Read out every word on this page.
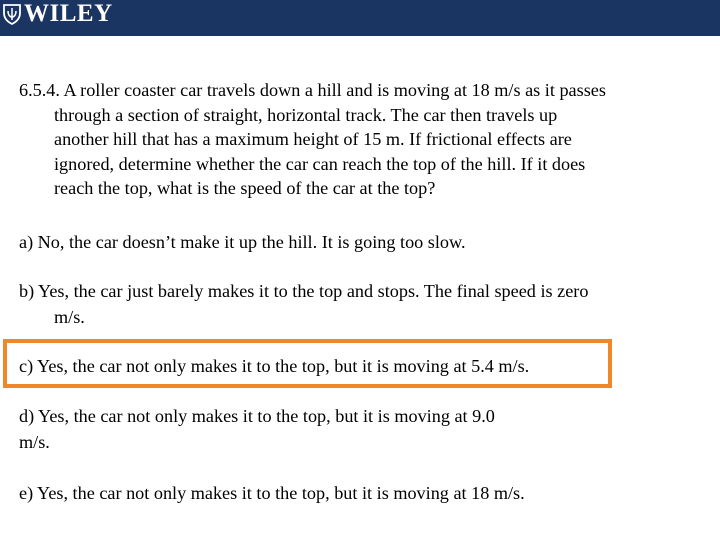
WILEY
6.5.4. A roller coaster car travels down a hill and is moving at 18 m/s as it passes
through a section of straight, horizontal track. The car then travels up
another hill that has a maximum height of 15 m. If frictional effects are
ignored, determine whether the car can reach the top of the hill. If it does
reach the top, what is the speed of the car at the top?
a) No, the car doesn’t make it up the hill. It is going too slow.
b) Yes, the car just barely makes it to the top and stops. The final speed is zero
m/s.
c) Yes, the car not only makes it to the top, but it is moving at 5.4 m/s.
d) Yes, the car not only makes it to the top, but it is moving at 9.0
m/s.
e) Yes, the car not only makes it to the top, but it is moving at 18 m/s.
